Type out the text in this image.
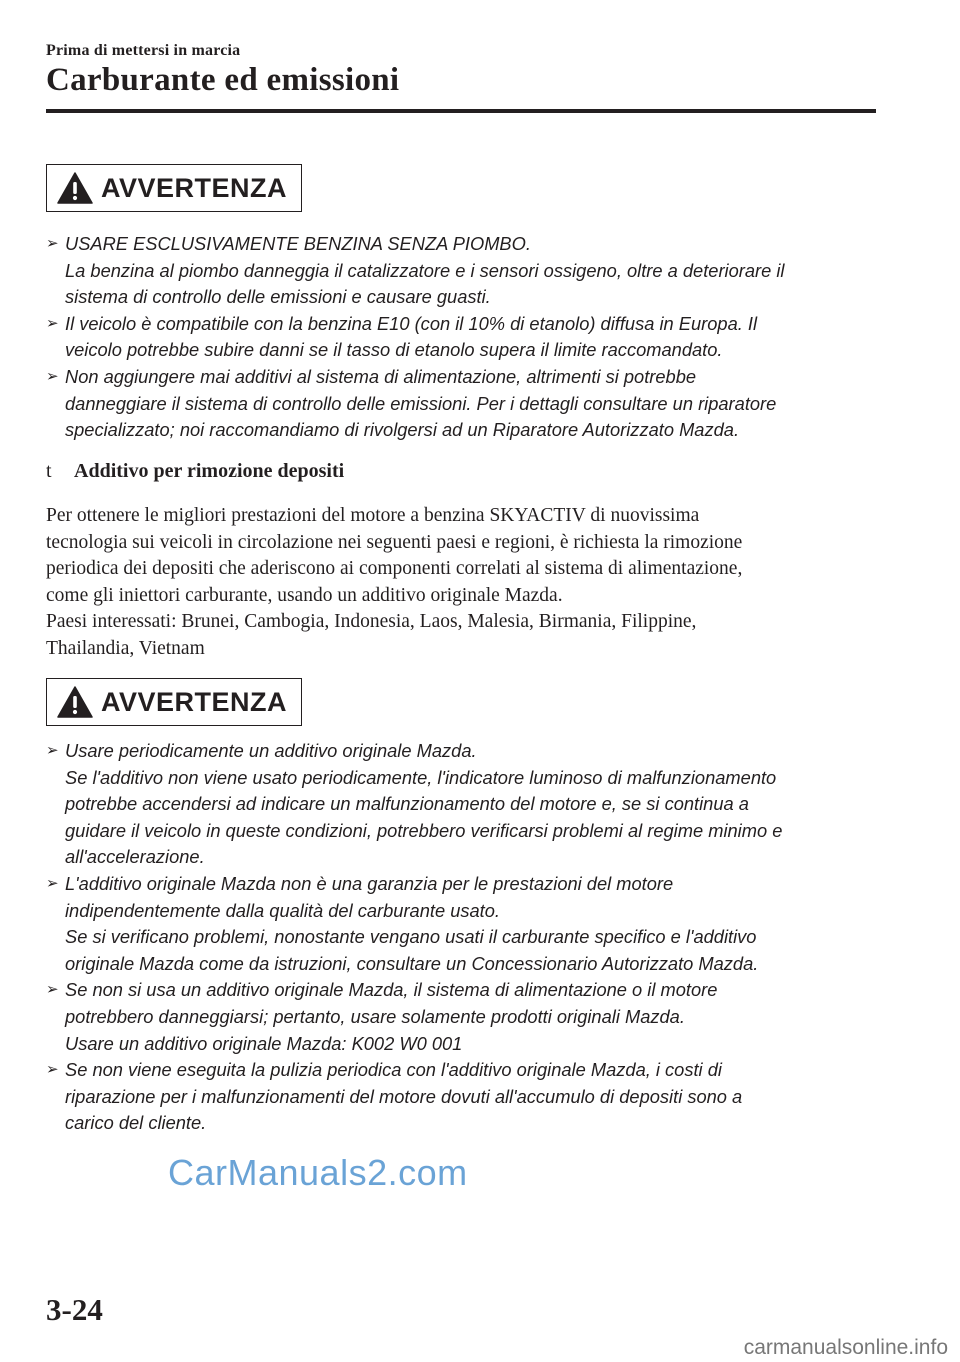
Prima di mettersi in marcia
Carburante ed emissioni
AVVERTENZA
➢ USARE ESCLUSIVAMENTE BENZINA SENZA PIOMBO.
La benzina al piombo danneggia il catalizzatore e i sensori ossigeno, oltre a deteriorare il
sistema di controllo delle emissioni e causare guasti.
➢ Il veicolo è compatibile con la benzina E10 (con il 10% di etanolo) diffusa in Europa. Il
veicolo potrebbe subire danni se il tasso di etanolo supera il limite raccomandato.
➢ Non aggiungere mai additivi al sistema di alimentazione, altrimenti si potrebbe
danneggiare il sistema di controllo delle emissioni. Per i dettagli consultare un riparatore
specializzato; noi raccomandiamo di rivolgersi ad un Riparatore Autorizzato Mazda.
t Additivo per rimozione depositi
Per ottenere le migliori prestazioni del motore a benzina SKYACTIV di nuovissima
tecnologia sui veicoli in circolazione nei seguenti paesi e regioni, è richiesta la rimozione
periodica dei depositi che aderiscono ai componenti correlati al sistema di alimentazione,
come gli iniettori carburante, usando un additivo originale Mazda.
Paesi interessati: Brunei, Cambogia, Indonesia, Laos, Malesia, Birmania, Filippine,
Thailandia, Vietnam
AVVERTENZA
➢ Usare periodicamente un additivo originale Mazda.
Se l'additivo non viene usato periodicamente, l'indicatore luminoso di malfunzionamento
potrebbe accendersi ad indicare un malfunzionamento del motore e, se si continua a
guidare il veicolo in queste condizioni, potrebbero verificarsi problemi al regime minimo e
all'accelerazione.
➢ L'additivo originale Mazda non è una garanzia per le prestazioni del motore
indipendentemente dalla qualità del carburante usato.
Se si verificano problemi, nonostante vengano usati il carburante specifico e l'additivo
originale Mazda come da istruzioni, consultare un Concessionario Autorizzato Mazda.
➢ Se non si usa un additivo originale Mazda, il sistema di alimentazione o il motore
potrebbero danneggiarsi; pertanto, usare solamente prodotti originali Mazda.
Usare un additivo originale Mazda: K002 W0 001
➢ Se non viene eseguita la pulizia periodica con l'additivo originale Mazda, i costi di
riparazione per i malfunzionamenti del motore dovuti all'accumulo di depositi sono a
carico del cliente.
CarManuals2.com
3-24
carmanualsonline.info
